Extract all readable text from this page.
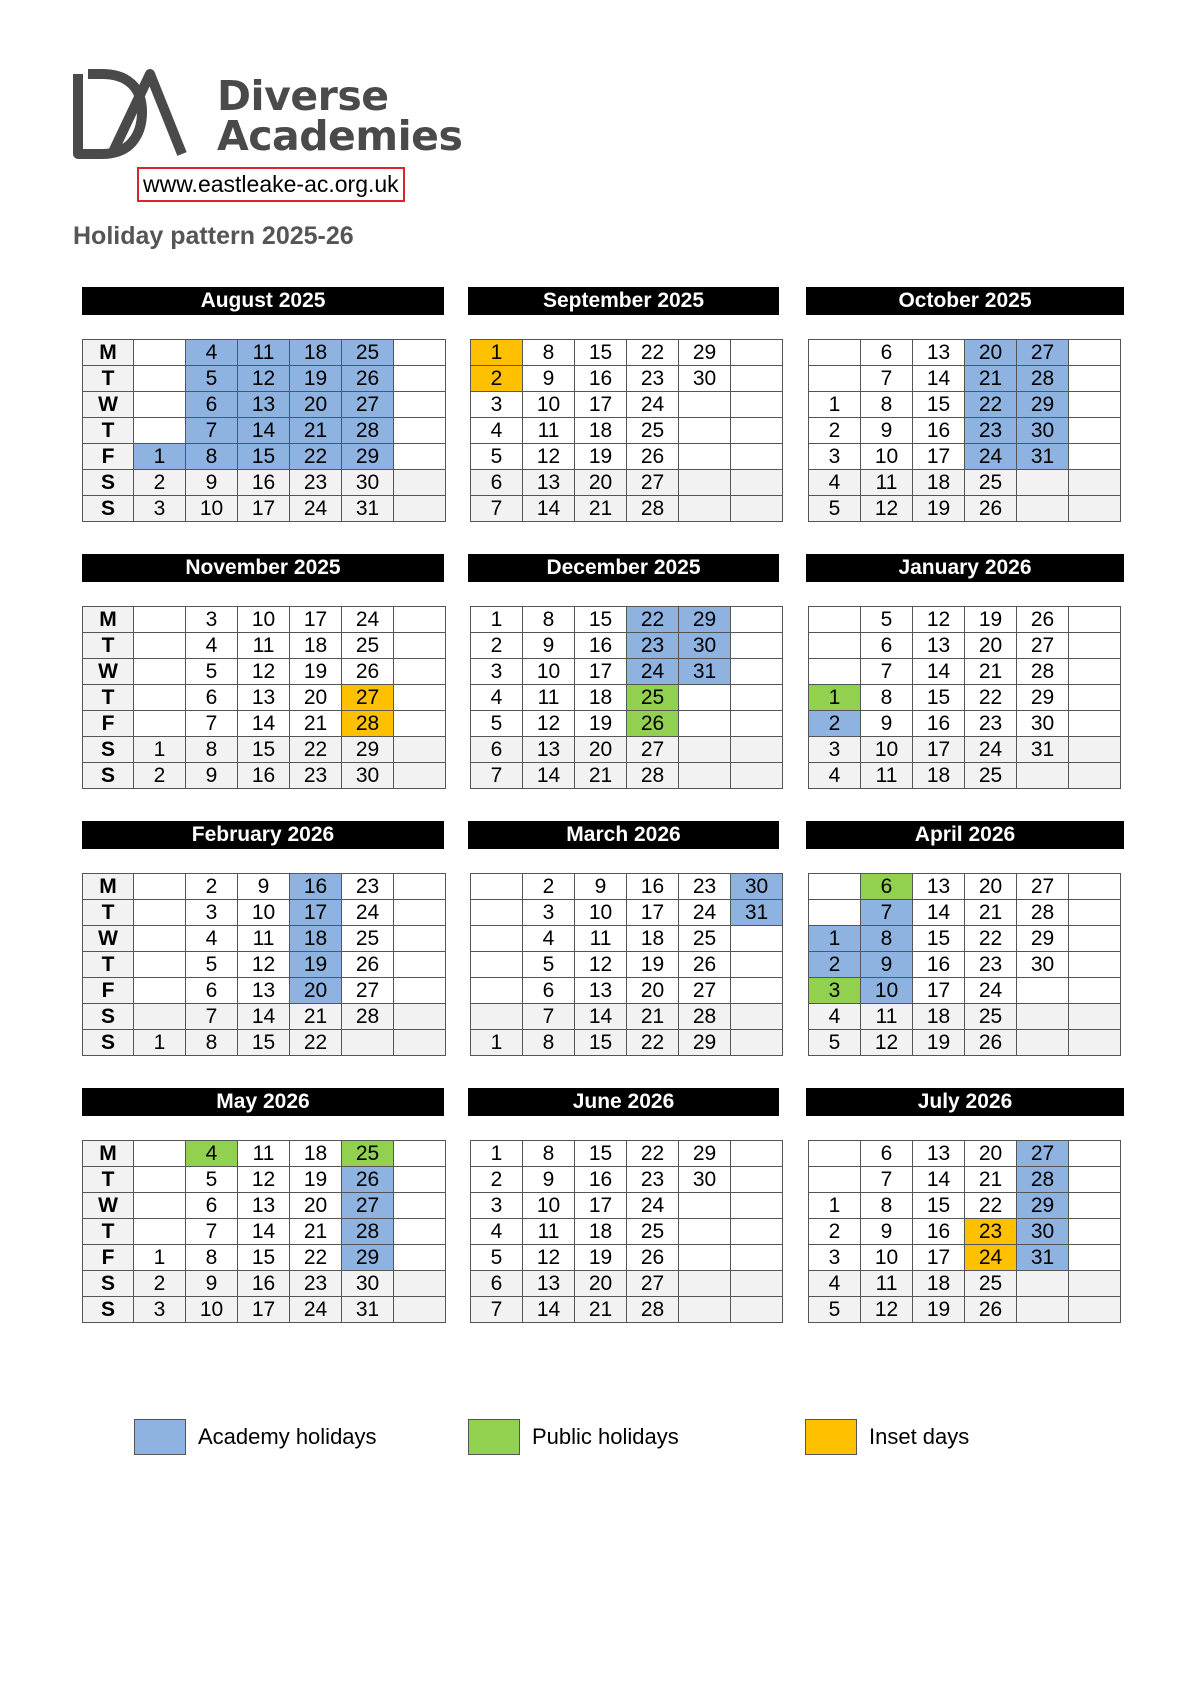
Diverse
Academies
www.eastleake-ac.org.uk
Holiday pattern 2025-26
August 2025
M		4	11	18	25	
T		5	12	19	26	
W		6	13	20	27	
T		7	14	21	28	
F	1	8	15	22	29	
S	2	9	16	23	30	
S	3	10	17	24	31	
September 2025
1	8	15	22	29	
2	9	16	23	30	
3	10	17	24		
4	11	18	25		
5	12	19	26		
6	13	20	27		
7	14	21	28		
October 2025
	6	13	20	27	
	7	14	21	28	
1	8	15	22	29	
2	9	16	23	30	
3	10	17	24	31	
4	11	18	25		
5	12	19	26		
November 2025
M		3	10	17	24	
T		4	11	18	25	
W		5	12	19	26	
T		6	13	20	27	
F		7	14	21	28	
S	1	8	15	22	29	
S	2	9	16	23	30	
December 2025
1	8	15	22	29	
2	9	16	23	30	
3	10	17	24	31	
4	11	18	25		
5	12	19	26		
6	13	20	27		
7	14	21	28		
January 2026
	5	12	19	26	
	6	13	20	27	
	7	14	21	28	
1	8	15	22	29	
2	9	16	23	30	
3	10	17	24	31	
4	11	18	25		
February 2026
M		2	9	16	23	
T		3	10	17	24	
W		4	11	18	25	
T		5	12	19	26	
F		6	13	20	27	
S		7	14	21	28	
S	1	8	15	22		
March 2026
	2	9	16	23	30
	3	10	17	24	31
	4	11	18	25	
	5	12	19	26	
	6	13	20	27	
	7	14	21	28	
1	8	15	22	29	
April 2026
	6	13	20	27	
	7	14	21	28	
1	8	15	22	29	
2	9	16	23	30	
3	10	17	24		
4	11	18	25		
5	12	19	26		
May 2026
M		4	11	18	25	
T		5	12	19	26	
W		6	13	20	27	
T		7	14	21	28	
F	1	8	15	22	29	
S	2	9	16	23	30	
S	3	10	17	24	31	
June 2026
1	8	15	22	29	
2	9	16	23	30	
3	10	17	24		
4	11	18	25		
5	12	19	26		
6	13	20	27		
7	14	21	28		
July 2026
	6	13	20	27	
	7	14	21	28	
1	8	15	22	29	
2	9	16	23	30	
3	10	17	24	31	
4	11	18	25		
5	12	19	26		
Academy holidays	Public holidays	Inset days
